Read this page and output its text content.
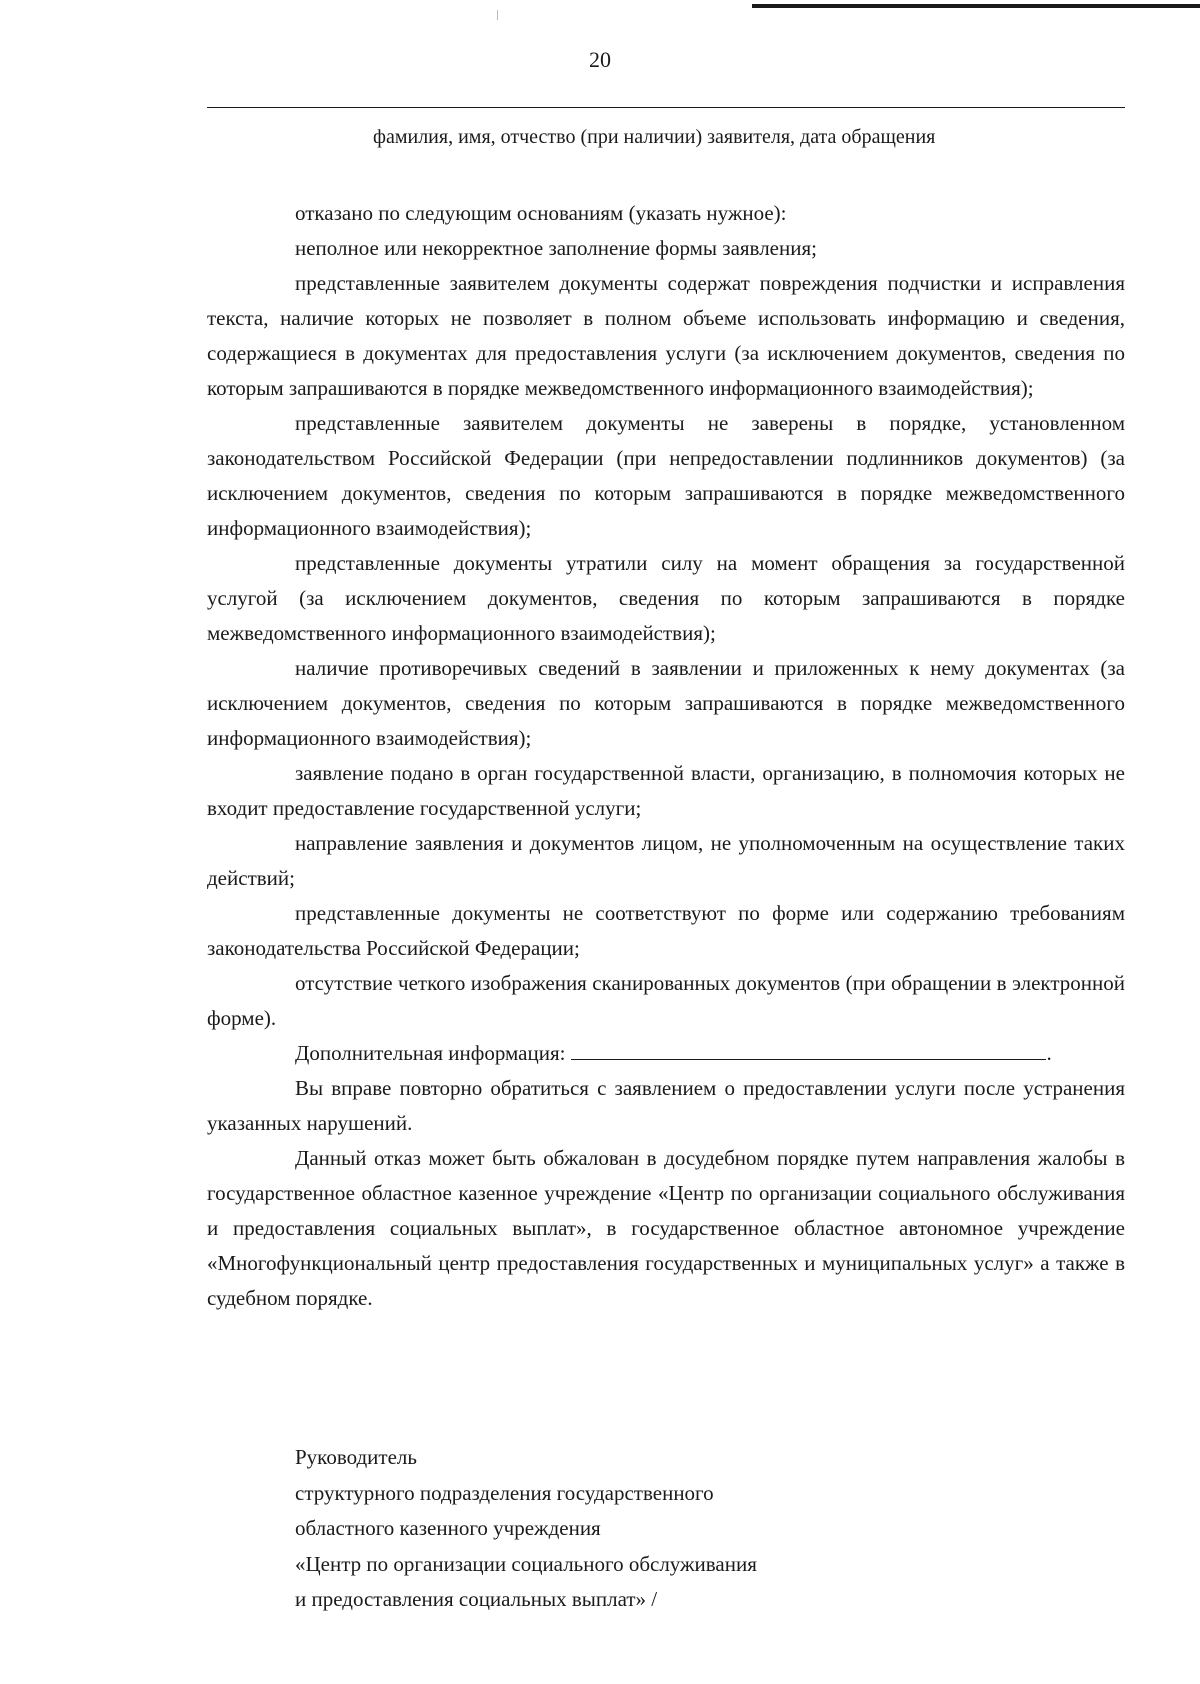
20
фамилия, имя, отчество (при наличии) заявителя, дата обращения

отказано по следующим основаниям (указать нужное):

неполное или некорректное заполнение формы заявления;

представленные заявителем документы содержат повреждения подчистки и исправления текста, наличие которых не позволяет в полном объеме использовать информацию и сведения, содержащиеся в документах для предоставления услуги (за исключением документов, сведения по которым запрашиваются в порядке межведомственного информационного взаимодействия);

представленные заявителем документы не заверены в порядке, установленном законодательством Российской Федерации (при непредоставлении подлинников документов) (за исключением документов, сведения по которым запрашиваются в порядке межведомственного информационного взаимодействия);

представленные документы утратили силу на момент обращения за государственной услугой (за исключением документов, сведения по которым запрашиваются в порядке межведомственного информационного взаимодействия);

наличие противоречивых сведений в заявлении и приложенных к нему документах (за исключением документов, сведения по которым запрашиваются в порядке межведомственного информационного взаимодействия);

заявление подано в орган государственной власти, организацию, в полномочия которых не входит предоставление государственной услуги;

направление заявления и документов лицом, не уполномоченным на осуществление таких действий;

представленные документы не соответствуют по форме или содержанию требованиям законодательства Российской Федерации;

отсутствие четкого изображения сканированных документов (при обращении в электронной форме).

Дополнительная информация:	.

Вы вправе повторно обратиться с заявлением о предоставлении услуги после устранения указанных нарушений.

Данный отказ может быть обжалован в досудебном порядке путем направления жалобы в государственное областное казенное учреждение «Центр по организации социального обслуживания и предоставления социальных выплат», в государственное областное автономное учреждение «Многофункциональный центр предоставления государственных и муниципальных услуг» а также в судебном порядке.

Руководитель
структурного подразделения государственного
областного казенного учреждения
«Центр по организации социального обслуживания
и предоставления социальных выплат» /
